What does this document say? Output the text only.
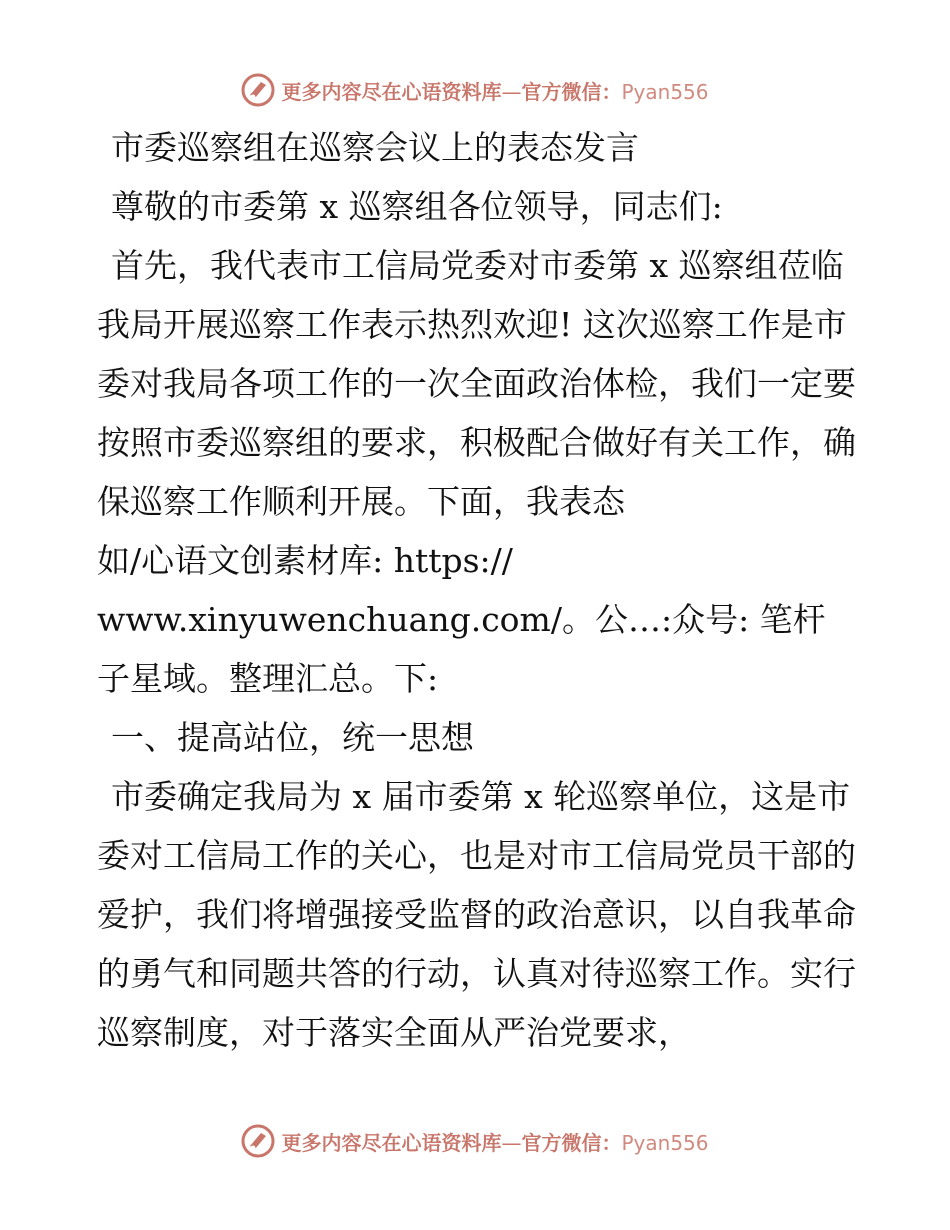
更多内容尽在心语资料库—官方微信：Pyan556

市委巡察组在巡察会议上的表态发言

尊敬的市委第 x 巡察组各位领导，同志们:

首先，我代表市工信局党委对市委第 x 巡察组莅临我局开展巡察工作表示热烈欢迎! 这次巡察工作是市委对我局各项工作的一次全面政治体检，我们一定要按照市委巡察组的要求，积极配合做好有关工作，确保巡察工作顺利开展。下面，我表态

如/心语文创素材库: https://

www.xinyuwenchuang.com/。公…:众号: 笔杆子星域。整理汇总。下:

一、提高站位，统一思想

市委确定我局为 x 届市委第 x 轮巡察单位，这是市委对工信局工作的关心，也是对市工信局党员干部的爱护，我们将增强接受监督的政治意识，以自我革命的勇气和同题共答的行动，认真对待巡察工作。实行巡察制度，对于落实全面从严治党要求，

更多内容尽在心语资料库—官方微信：Pyan556
